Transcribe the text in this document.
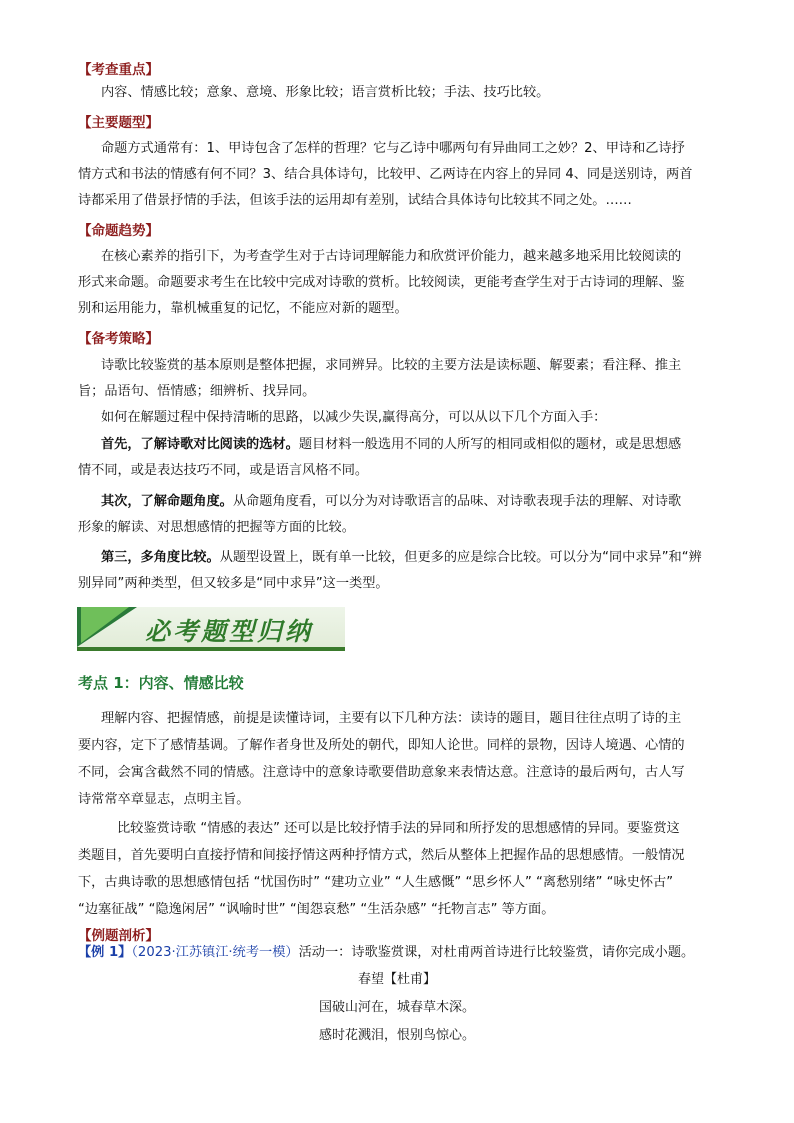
【考查重点】
内容、情感比较；意象、意境、形象比较；语言赏析比较；手法、技巧比较。
【主要题型】
命题方式通常有：1、甲诗包含了怎样的哲理？它与乙诗中哪两句有异曲同工之妙？2、甲诗和乙诗抒
情方式和书法的情感有何不同？3、结合具体诗句，比较甲、乙两诗在内容上的异同 4、同是送别诗，两首
诗都采用了借景抒情的手法，但该手法的运用却有差别，试结合具体诗句比较其不同之处。……
【命题趋势】
在核心素养的指引下，为考查学生对于古诗词理解能力和欣赏评价能力，越来越多地采用比较阅读的
形式来命题。命题要求考生在比较中完成对诗歌的赏析。比较阅读，更能考查学生对于古诗词的理解、鉴
别和运用能力，靠机械重复的记忆，不能应对新的题型。
【备考策略】
诗歌比较鉴赏的基本原则是整体把握，求同辨异。比较的主要方法是读标题、解要素；看注释、推主
旨；品语句、悟情感；细辨析、找异同。
如何在解题过程中保持清晰的思路，以减少失误,赢得高分，可以从以下几个方面入手：
首先，了解诗歌对比阅读的选材。题目材料一般选用不同的人所写的相同或相似的题材，或是思想感
情不同，或是表达技巧不同，或是语言风格不同。
其次，了解命题角度。从命题角度看，可以分为对诗歌语言的品味、对诗歌表现手法的理解、对诗歌
形象的解读、对思想感情的把握等方面的比较。
第三，多角度比较。从题型设置上，既有单一比较，但更多的应是综合比较。可以分为“同中求异”和“辨
别异同”两种类型，但又较多是“同中求异”这一类型。
必考题型归纳
考点 1：内容、情感比较
理解内容、把握情感，前提是读懂诗词，主要有以下几种方法：读诗的题目，题目往往点明了诗的主
要内容，定下了感情基调。了解作者身世及所处的朝代，即知人论世。同样的景物，因诗人境遇、心情的
不同，会寓含截然不同的情感。注意诗中的意象诗歌要借助意象来表情达意。注意诗的最后两句，古人写
诗常常卒章显志，点明主旨。
比较鉴赏诗歌 “情感的表达” 还可以是比较抒情手法的异同和所抒发的思想感情的异同。要鉴赏这
类题目，首先要明白直接抒情和间接抒情这两种抒情方式，然后从整体上把握作品的思想感情。一般情况
下，古典诗歌的思想感情包括 “忧国伤时” “建功立业” “人生感慨” “思乡怀人” “离愁别绪” “咏史怀古”
“边塞征战” “隐逸闲居” “讽喻时世” “闺怨哀愁” “生活杂感” “托物言志” 等方面。
【例题剖析】
【例 1】（2023·江苏镇江·统考一模）活动一：诗歌鉴赏课，对杜甫两首诗进行比较鉴赏，请你完成小题。
春望【杜甫】
国破山河在，城春草木深。
感时花溅泪，恨别鸟惊心。
